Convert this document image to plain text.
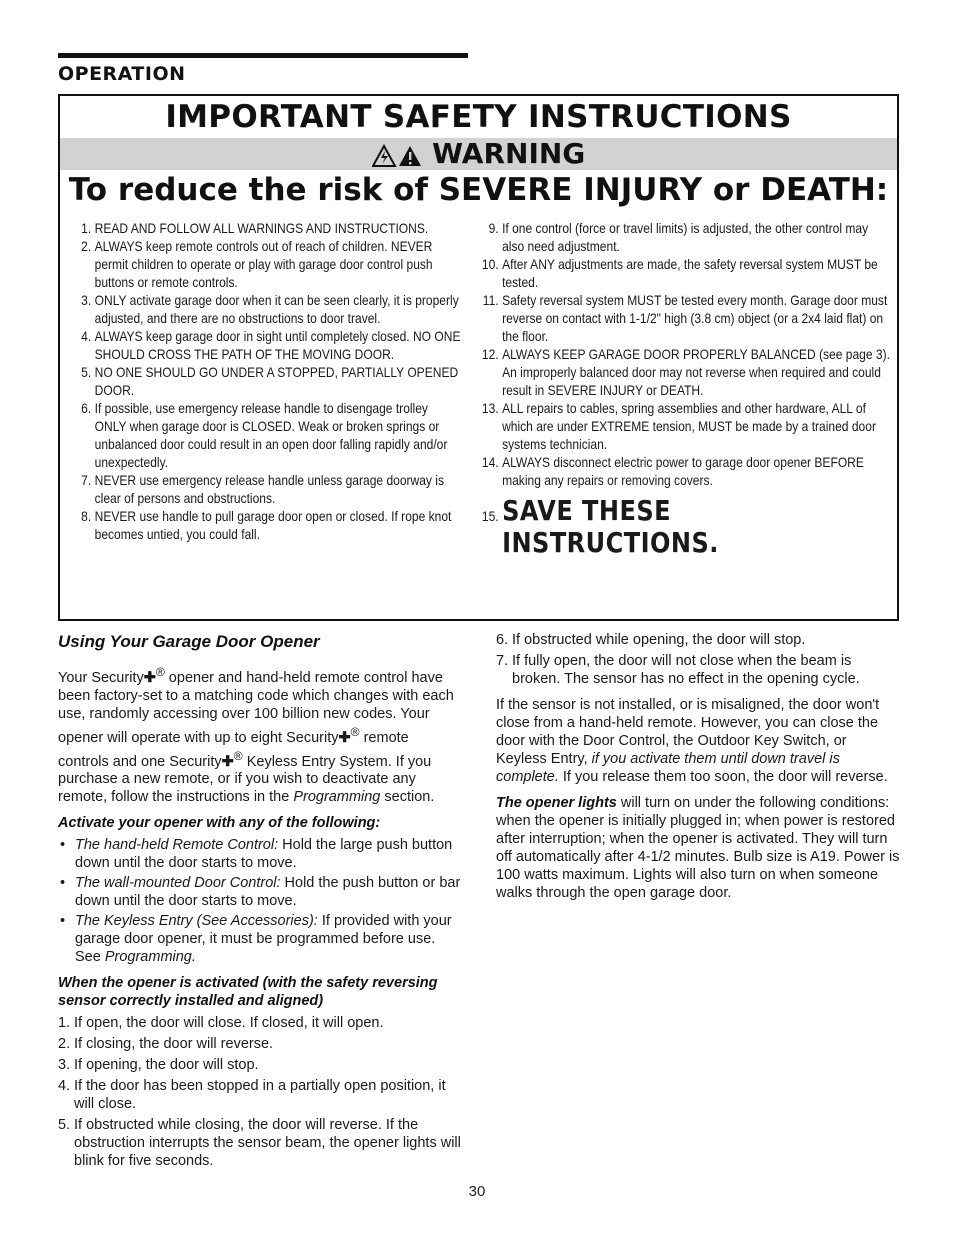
OPERATION
IMPORTANT SAFETY INSTRUCTIONS
WARNING
To reduce the risk of SEVERE INJURY or DEATH:
1. READ AND FOLLOW ALL WARNINGS AND INSTRUCTIONS.
2. ALWAYS keep remote controls out of reach of children. NEVER permit children to operate or play with garage door control push buttons or remote controls.
3. ONLY activate garage door when it can be seen clearly, it is properly adjusted, and there are no obstructions to door travel.
4. ALWAYS keep garage door in sight until completely closed. NO ONE SHOULD CROSS THE PATH OF THE MOVING DOOR.
5. NO ONE SHOULD GO UNDER A STOPPED, PARTIALLY OPENED DOOR.
6. If possible, use emergency release handle to disengage trolley ONLY when garage door is CLOSED. Weak or broken springs or unbalanced door could result in an open door falling rapidly and/or unexpectedly.
7. NEVER use emergency release handle unless garage doorway is clear of persons and obstructions.
8. NEVER use handle to pull garage door open or closed. If rope knot becomes untied, you could fall.
9. If one control (force or travel limits) is adjusted, the other control may also need adjustment.
10. After ANY adjustments are made, the safety reversal system MUST be tested.
11. Safety reversal system MUST be tested every month. Garage door must reverse on contact with 1-1/2" high (3.8 cm) object (or a 2x4 laid flat) on the floor.
12. ALWAYS KEEP GARAGE DOOR PROPERLY BALANCED (see page 3). An improperly balanced door may not reverse when required and could result in SEVERE INJURY or DEATH.
13. ALL repairs to cables, spring assemblies and other hardware, ALL of which are under EXTREME tension, MUST be made by a trained door systems technician.
14. ALWAYS disconnect electric power to garage door opener BEFORE making any repairs or removing covers.
15. SAVE THESE INSTRUCTIONS.
Using Your Garage Door Opener
Your Security✚® opener and hand-held remote control have been factory-set to a matching code which changes with each use, randomly accessing over 100 billion new codes. Your opener will operate with up to eight Security✚® remote controls and one Security✚® Keyless Entry System. If you purchase a new remote, or if you wish to deactivate any remote, follow the instructions in the Programming section.
Activate your opener with any of the following:
• The hand-held Remote Control: Hold the large push button down until the door starts to move.
• The wall-mounted Door Control: Hold the push button or bar down until the door starts to move.
• The Keyless Entry (See Accessories): If provided with your garage door opener, it must be programmed before use. See Programming.
When the opener is activated (with the safety reversing sensor correctly installed and aligned)
1. If open, the door will close. If closed, it will open.
2. If closing, the door will reverse.
3. If opening, the door will stop.
4. If the door has been stopped in a partially open position, it will close.
5. If obstructed while closing, the door will reverse. If the obstruction interrupts the sensor beam, the opener lights will blink for five seconds.
6. If obstructed while opening, the door will stop.
7. If fully open, the door will not close when the beam is broken. The sensor has no effect in the opening cycle.
If the sensor is not installed, or is misaligned, the door won't close from a hand-held remote. However, you can close the door with the Door Control, the Outdoor Key Switch, or Keyless Entry, if you activate them until down travel is complete. If you release them too soon, the door will reverse.
The opener lights will turn on under the following conditions: when the opener is initially plugged in; when power is restored after interruption; when the opener is activated. They will turn off automatically after 4-1/2 minutes. Bulb size is A19. Power is 100 watts maximum. Lights will also turn on when someone walks through the open garage door.
30
